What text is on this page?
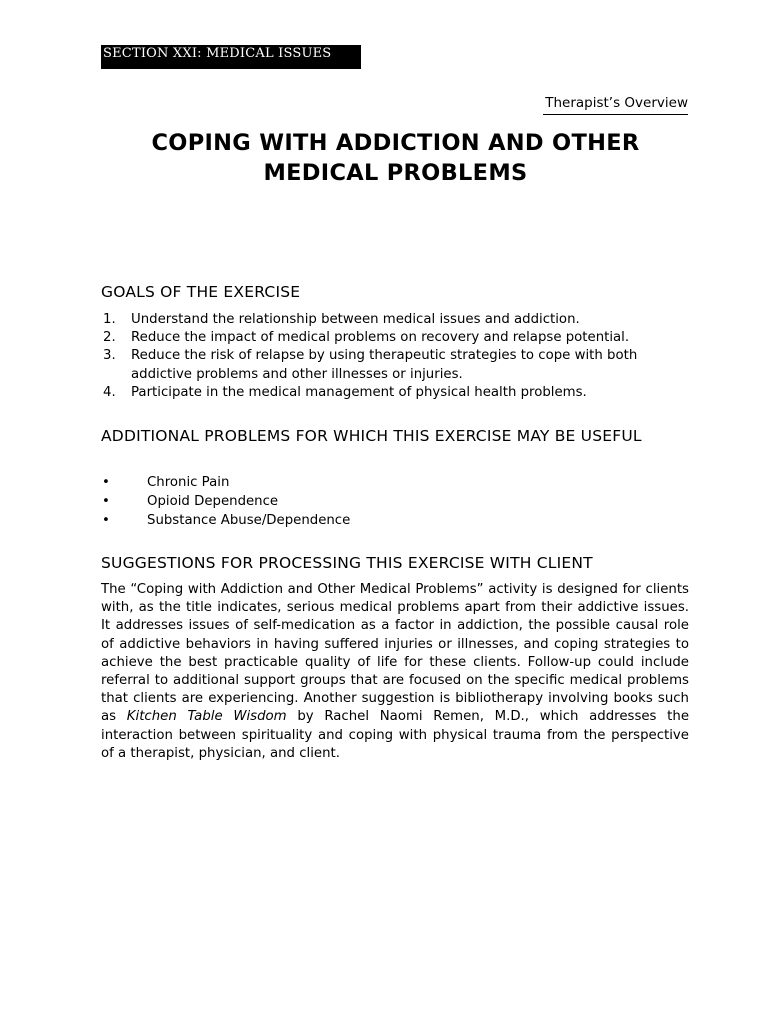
SECTION XXI: MEDICAL ISSUES
Therapist’s Overview
COPING WITH ADDICTION AND OTHER
MEDICAL PROBLEMS
GOALS OF THE EXERCISE
1. Understand the relationship between medical issues and addiction.
2. Reduce the impact of medical problems on recovery and relapse potential.
3. Reduce the risk of relapse by using therapeutic strategies to cope with both addictive problems and other illnesses or injuries.
4. Participate in the medical management of physical health problems.
ADDITIONAL PROBLEMS FOR WHICH THIS EXERCISE MAY BE USEFUL
•	Chronic Pain
•	Opioid Dependence
•	Substance Abuse/Dependence
SUGGESTIONS FOR PROCESSING THIS EXERCISE WITH CLIENT

The “Coping with Addiction and Other Medical Problems” activity is designed for clients with, as the title indicates, serious medical problems apart from their addictive issues. It addresses issues of self-medication as a factor in addiction, the possible causal role of addictive behaviors in having suffered injuries or illnesses, and coping strategies to achieve the best practicable quality of life for these clients. Follow-up could include referral to additional support groups that are focused on the specific medical problems that clients are experiencing. Another suggestion is bibliotherapy involving books such as Kitchen Table Wisdom by Rachel Naomi Remen, M.D., which addresses the interaction between spirituality and coping with physical trauma from the perspective of a therapist, physician, and client.
